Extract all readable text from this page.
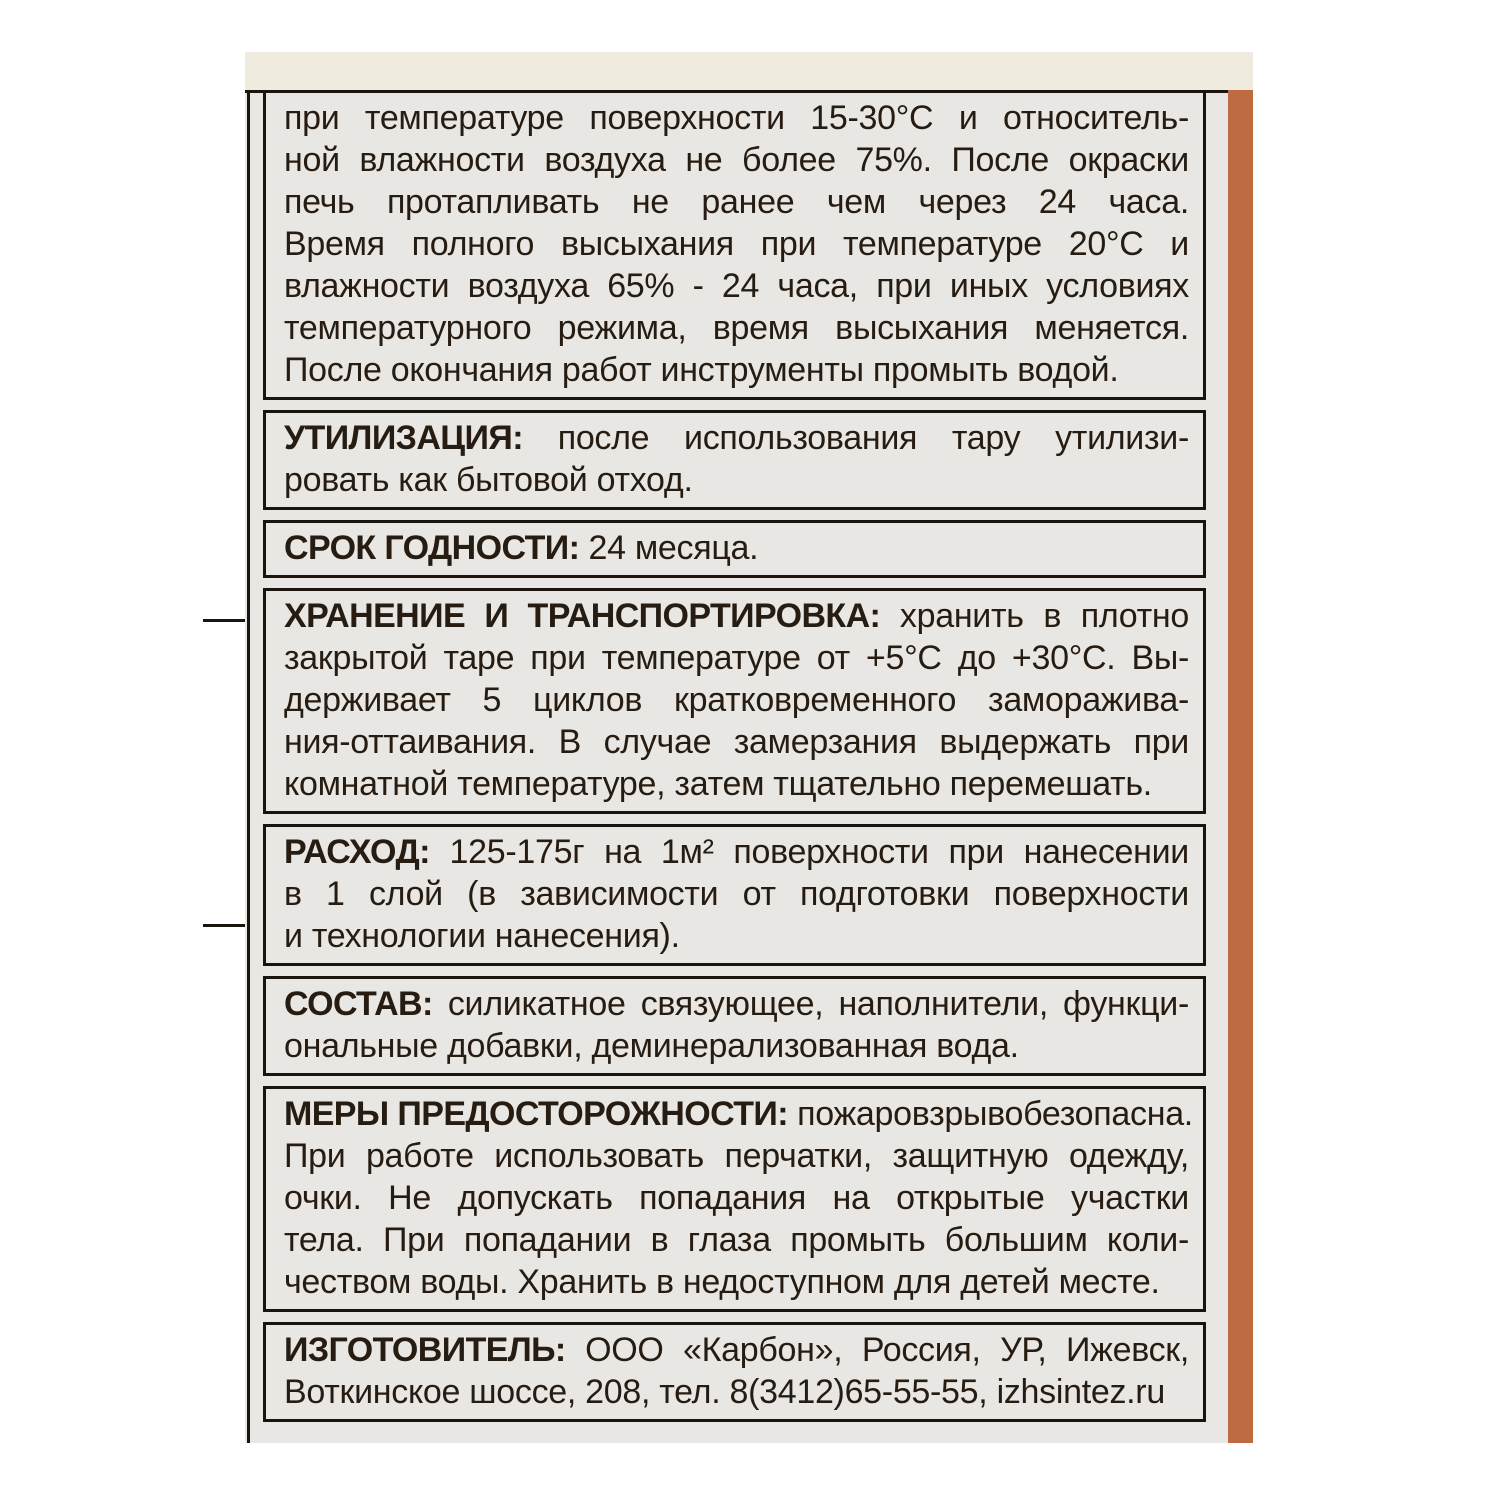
при температуре поверхности 15-30°С и относитель-
ной влажности воздуха не более 75%. После окраски
печь протапливать не ранее чем через 24 часа.
Время полного высыхания при температуре 20°С и
влажности воздуха 65% - 24 часа, при иных условиях
температурного режима, время высыхания меняется.
После окончания работ инструменты промыть водой.
УТИЛИЗАЦИЯ: после использования тару утилизи-
ровать как бытовой отход.
СРОК ГОДНОСТИ: 24 месяца.
ХРАНЕНИЕ И ТРАНСПОРТИРОВКА: хранить в плотно
закрытой таре при температуре от +5°С до +30°С. Вы-
держивает 5 циклов кратковременного заморажива-
ния-оттаивания. В случае замерзания выдержать при
комнатной температуре, затем тщательно перемешать.
РАСХОД: 125-175г на 1м² поверхности при нанесении
в 1 слой (в зависимости от подготовки поверхности
и технологии нанесения).
СОСТАВ: силикатное связующее, наполнители, функци-
ональные добавки, деминерализованная вода.
МЕРЫ ПРЕДОСТОРОЖНОСТИ: пожаровзрывобезопасна.
При работе использовать перчатки, защитную одежду,
очки. Не допускать попадания на открытые участки
тела. При попадании в глаза промыть большим коли-
чеством воды. Хранить в недоступном для детей месте.
ИЗГОТОВИТЕЛЬ: ООО «Карбон», Россия, УР, Ижевск,
Воткинское шоссе, 208, тел. 8(3412)65-55-55, izhsintez.ru
